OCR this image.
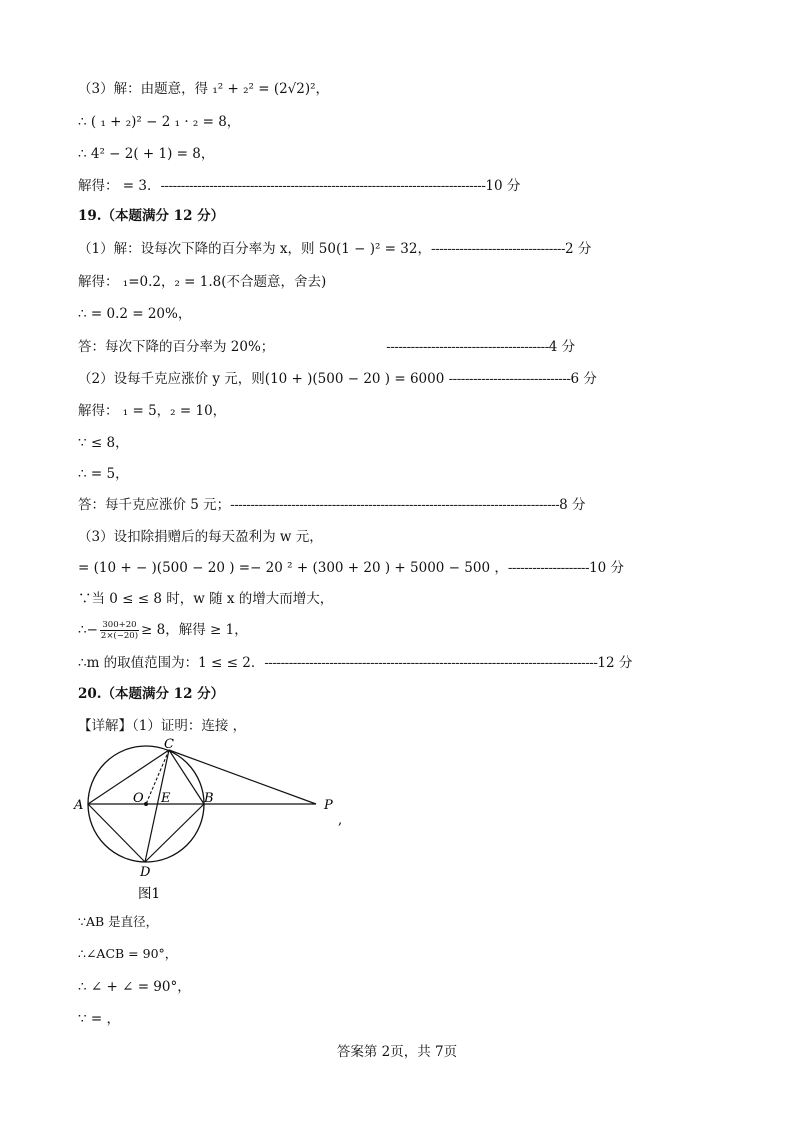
（3）解：由题意，得 ₁² + ₂² = (2√2)²，
∴ ( ₁ + ₂)² − 2 ₁ · ₂ = 8，
∴ 4² − 2( + 1) = 8，
解得： = 3．--------------------------------------------------------------------------------10 分
19.（本题满分 12 分）
（1）解：设每次下降的百分率为 x，则 50(1 − )² = 32，---------------------------------2 分
解得： ₁=0.2，₂ = 1.8(不合题意，舍去)
∴ = 0.2 = 20%，
答：每次下降的百分率为 20%；	----------------------------------------4 分
（2）设每千克应涨价 y 元，则(10 + )(500 − 20 ) = 6000 ------------------------------6 分
解得： ₁ = 5，₂ = 10，
∵ ≤ 8，
∴ = 5，
答：每千克应涨价 5 元；---------------------------------------------------------------------------------8 分
（3）设扣除捐赠后的每天盈利为 w 元，
= (10 + − )(500 − 20 ) =− 20 ² + (300 + 20 ) + 5000 − 500 ，--------------------10 分
∵当 0 ≤ ≤ 8 时，w 随 x 的增大而增大，
∴− $\frac{300+20}{2\times(-20)} \ge 8$，解得 ≥ 1，
∴m 的取值范围为：1 ≤ ≤ 2．----------------------------------------------------------------------------------12 分
20.（本题满分 12 分）
【详解】（1）证明：连接 ，
C
A	O E	B	P
D
,
图1
∵AB 是直径，
∴∠ACB = 90°，
∴ ∠ + ∠ = 90°，
∵ = ，
答案第 2页，共 7页
